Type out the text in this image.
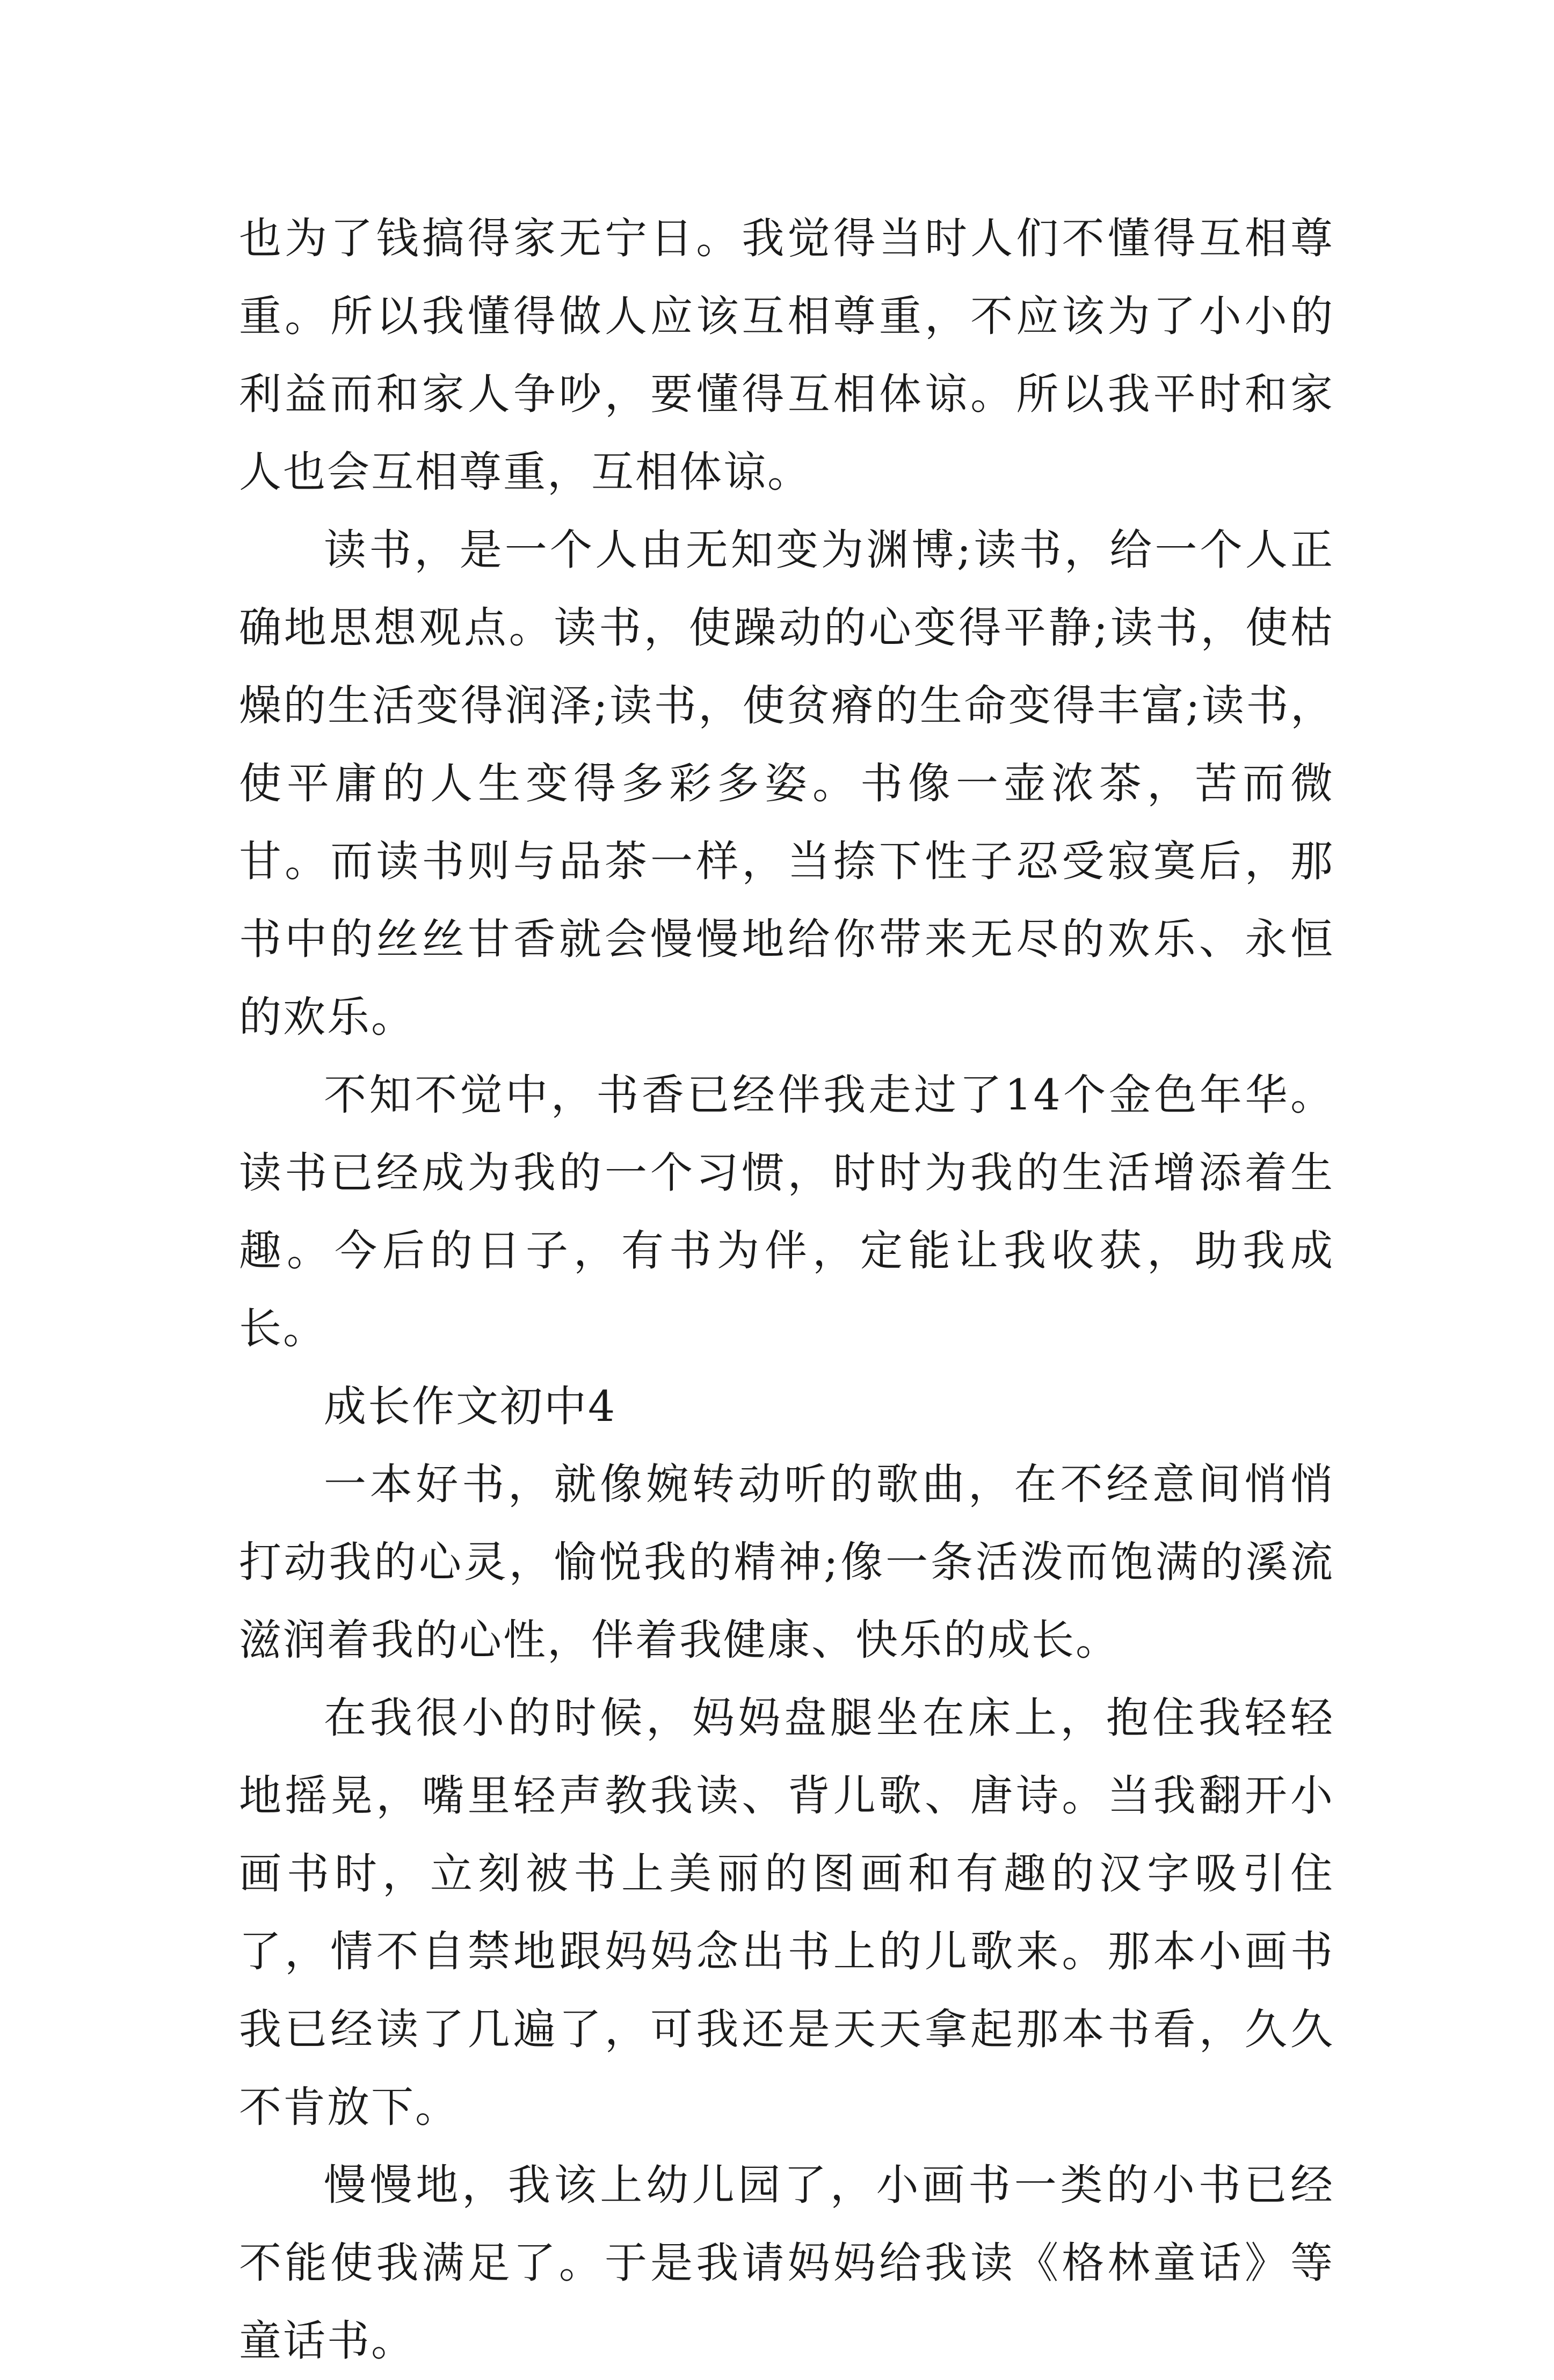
也为了钱搞得家无宁日。我觉得当时人们不懂得互相尊重。所以我懂得做人应该互相尊重，不应该为了小小的利益而和家人争吵，要懂得互相体谅。所以我平时和家人也会互相尊重，互相体谅。

读书，是一个人由无知变为渊博;读书，给一个人正确地思想观点。读书，使躁动的心变得平静;读书，使枯燥的生活变得润泽;读书，使贫瘠的生命变得丰富;读书，使平庸的人生变得多彩多姿。书像一壶浓茶，苦而微甘。而读书则与品茶一样，当捺下性子忍受寂寞后，那书中的丝丝甘香就会慢慢地给你带来无尽的欢乐、永恒的欢乐。

不知不觉中，书香已经伴我走过了14个金色年华。读书已经成为我的一个习惯，时时为我的生活增添着生趣。今后的日子，有书为伴，定能让我收获，助我成长。

成长作文初中4

一本好书，就像婉转动听的歌曲，在不经意间悄悄打动我的心灵，愉悦我的精神;像一条活泼而饱满的溪流滋润着我的心性，伴着我健康、快乐的成长。

在我很小的时候，妈妈盘腿坐在床上，抱住我轻轻地摇晃，嘴里轻声教我读、背儿歌、唐诗。当我翻开小画书时，立刻被书上美丽的图画和有趣的汉字吸引住了，情不自禁地跟妈妈念出书上的儿歌来。那本小画书我已经读了几遍了，可我还是天天拿起那本书看，久久不肯放下。

慢慢地，我该上幼儿园了，小画书一类的小书已经不能使我满足了。于是我请妈妈给我读《格林童话》等童话书。
